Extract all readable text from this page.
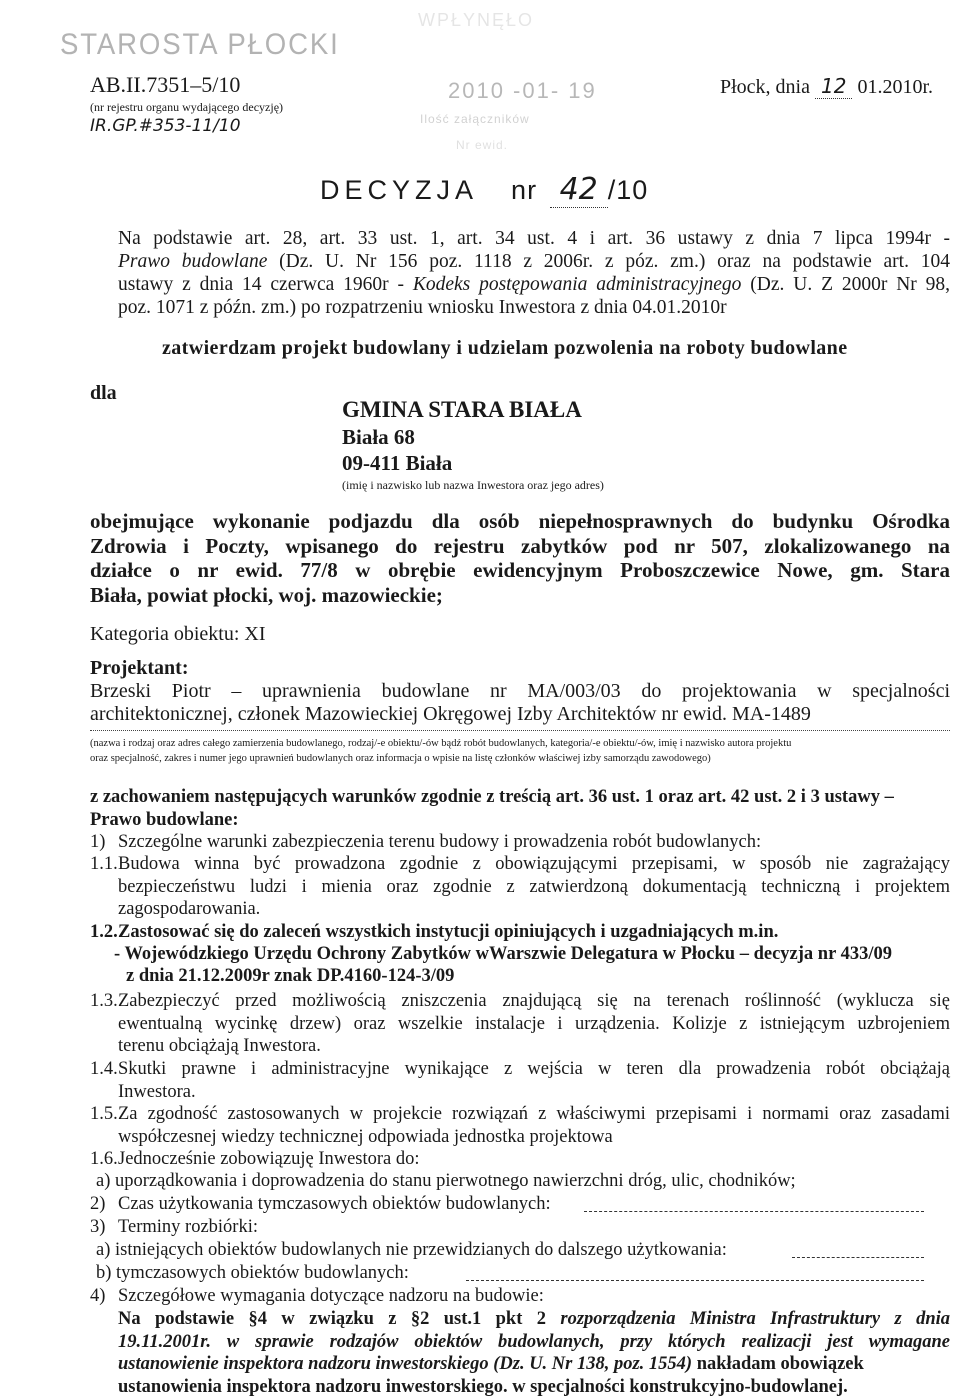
STAROSTA PŁOCKI
WPŁYNĘŁO
2010 -01- 19
Ilość załączników
Nr ewid.
AB.II.7351–5/10
(nr rejestru organu wydającego decyzję)
IR.GP.#353-11/10
Płock, dnia 12 01.2010r.
DECYZJA nr 42 /10
Na podstawie art. 28, art. 33 ust. 1, art. 34 ust. 4 i art. 36 ustawy z dnia 7 lipca 1994r -
Prawo budowlane (Dz. U. Nr 156 poz. 1118 z 2006r. z póz. zm.) oraz na podstawie art. 104
ustawy z dnia 14 czerwca 1960r - Kodeks postępowania administracyjnego (Dz. U. Z 2000r Nr 98,
poz. 1071 z późn. zm.) po rozpatrzeniu wniosku Inwestora z dnia 04.01.2010r
zatwierdzam projekt budowlany i udzielam pozwolenia na roboty budowlane
dla
GMINA STARA BIAŁA
Biała 68
09-411 Biała
(imię i nazwisko lub nazwa Inwestora oraz jego adres)
obejmujące wykonanie podjazdu dla osób niepełnosprawnych do budynku Ośrodka
Zdrowia i Poczty, wpisanego do rejestru zabytków pod nr 507, zlokalizowanego na
działce o nr ewid. 77/8 w obrębie ewidencyjnym Proboszczewice Nowe, gm. Stara
Biała, powiat płocki, woj. mazowieckie;
Kategoria obiektu: XI
Projektant:
Brzeski Piotr – uprawnienia budowlane nr MA/003/03 do projektowania w specjalności
architektonicznej, członek Mazowieckiej Okręgowej Izby Architektów nr ewid. MA-1489
(nazwa i rodzaj oraz adres całego zamierzenia budowlanego, rodzaj/-e obiektu/-ów bądź robót budowlanych, kategoria/-e obiektu/-ów, imię i nazwisko autora projektu
oraz specjalność, zakres i numer jego uprawnień budowlanych oraz informacja o wpisie na listę członków właściwej izby samorządu zawodowego)
z zachowaniem następujących warunków zgodnie z treścią art. 36 ust. 1 oraz art. 42 ust. 2 i 3 ustawy –
Prawo budowlane:
1) Szczególne warunki zabezpieczenia terenu budowy i prowadzenia robót budowlanych:
1.1. Budowa winna być prowadzona zgodnie z obowiązującymi przepisami, w sposób nie zagrażający
bezpieczeństwu ludzi i mienia oraz zgodnie z zatwierdzoną dokumentacją techniczną i projektem
zagospodarowania.
1.2. Zastosować się do zaleceń wszystkich instytucji opiniujących i uzgadniających m.in.
- Wojewódzkiego Urzędu Ochrony Zabytków wWarszwie Delegatura w Płocku – decyzja nr 433/09
z dnia 21.12.2009r znak DP.4160-124-3/09
1.3. Zabezpieczyć przed możliwością zniszczenia znajdującą się na terenach roślinność (wyklucza się
ewentualną wycinkę drzew) oraz wszelkie instalacje i urządzenia. Kolizje z istniejącym uzbrojeniem
terenu obciążają Inwestora.
1.4. Skutki prawne i administracyjne wynikające z wejścia w teren dla prowadzenia robót obciążają
Inwestora.
1.5. Za zgodność zastosowanych w projekcie rozwiązań z właściwymi przepisami i normami oraz zasadami
współczesnej wiedzy technicznej odpowiada jednostka projektowa
1.6. Jednocześnie zobowiązuję Inwestora do:
a) uporządkowania i doprowadzenia do stanu pierwotnego nawierzchni dróg, ulic, chodników;
2) Czas użytkowania tymczasowych obiektów budowlanych:
3) Terminy rozbiórki:
a) istniejących obiektów budowlanych nie przewidzianych do dalszego użytkowania:
b) tymczasowych obiektów budowlanych:
4) Szczegółowe wymagania dotyczące nadzoru na budowie:
Na podstawie §4 w związku z §2 ust.1 pkt 2 rozporządzenia Ministra Infrastruktury z dnia
19.11.2001r. w sprawie rodzajów obiektów budowlanych, przy których realizacji jest wymagane
ustanowienie inspektora nadzoru inwestorskiego (Dz. U. Nr 138, poz. 1554) nakładam obowiązek
ustanowienia inspektora nadzoru inwestorskiego. w specjalności konstrukcyjno-budowlanej.
